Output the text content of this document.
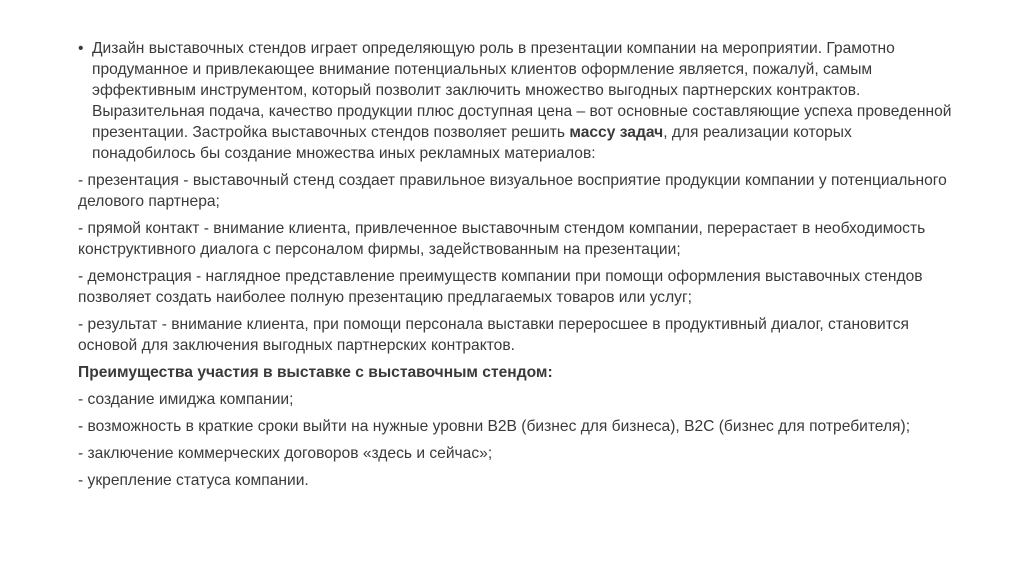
• Дизайн выставочных стендов играет определяющую роль в презентации компании на мероприятии. Грамотно продуманное и привлекающее внимание потенциальных клиентов оформление является, пожалуй, самым эффективным инструментом, который позволит заключить множество выгодных партнерских контрактов. Выразительная подача, качество продукции плюс доступная цена – вот основные составляющие успеха проведенной презентации. Застройка выставочных стендов позволяет решить массу задач, для реализации которых понадобилось бы создание множества иных рекламных материалов:

- презентация - выставочный стенд создает правильное визуальное восприятие продукции компании у потенциального делового партнера;

- прямой контакт - внимание клиента, привлеченное выставочным стендом компании, перерастает в необходимость конструктивного диалога с персоналом фирмы, задействованным на презентации;

- демонстрация - наглядное представление преимуществ компании при помощи оформления выставочных стендов позволяет создать наиболее полную презентацию предлагаемых товаров или услуг;

- результат - внимание клиента, при помощи персонала выставки переросшее в продуктивный диалог, становится основой для заключения выгодных партнерских контрактов.

Преимущества участия в выставке с выставочным стендом:

- создание имиджа компании;

- возможность в краткие сроки выйти на нужные уровни B2B (бизнес для бизнеса), B2C (бизнес для потребителя);

- заключение коммерческих договоров «здесь и сейчас»;

- укрепление статуса компании.
